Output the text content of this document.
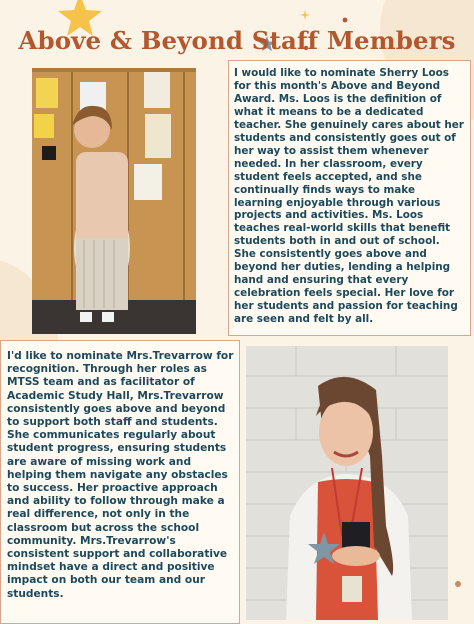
Above & Beyond Staff Members

I would like to nominate Sherry Loos for this month's Above and Beyond Award. Ms. Loos is the definition of what it means to be a dedicated teacher. She genuinely cares about her students and consistently goes out of her way to assist them whenever needed. In her classroom, every student feels accepted, and she continually finds ways to make learning enjoyable through various projects and activities. Ms. Loos teaches real-world skills that benefit students both in and out of school. She consistently goes above and beyond her duties, lending a helping hand and ensuring that every celebration feels special. Her love for her students and passion for teaching are seen and felt by all.

I'd like to nominate Mrs.Trevarrow for recognition. Through her roles as MTSS team and as facilitator of Academic Study Hall, Mrs.Trevarrow consistently goes above and beyond to support both staff and students. She communicates regularly about student progress, ensuring students are aware of missing work and helping them navigate any obstacles to success. Her proactive approach and ability to follow through make a real difference, not only in the classroom but across the school community. Mrs.Trevarrow's consistent support and collaborative mindset have a direct and positive impact on both our team and our students.
